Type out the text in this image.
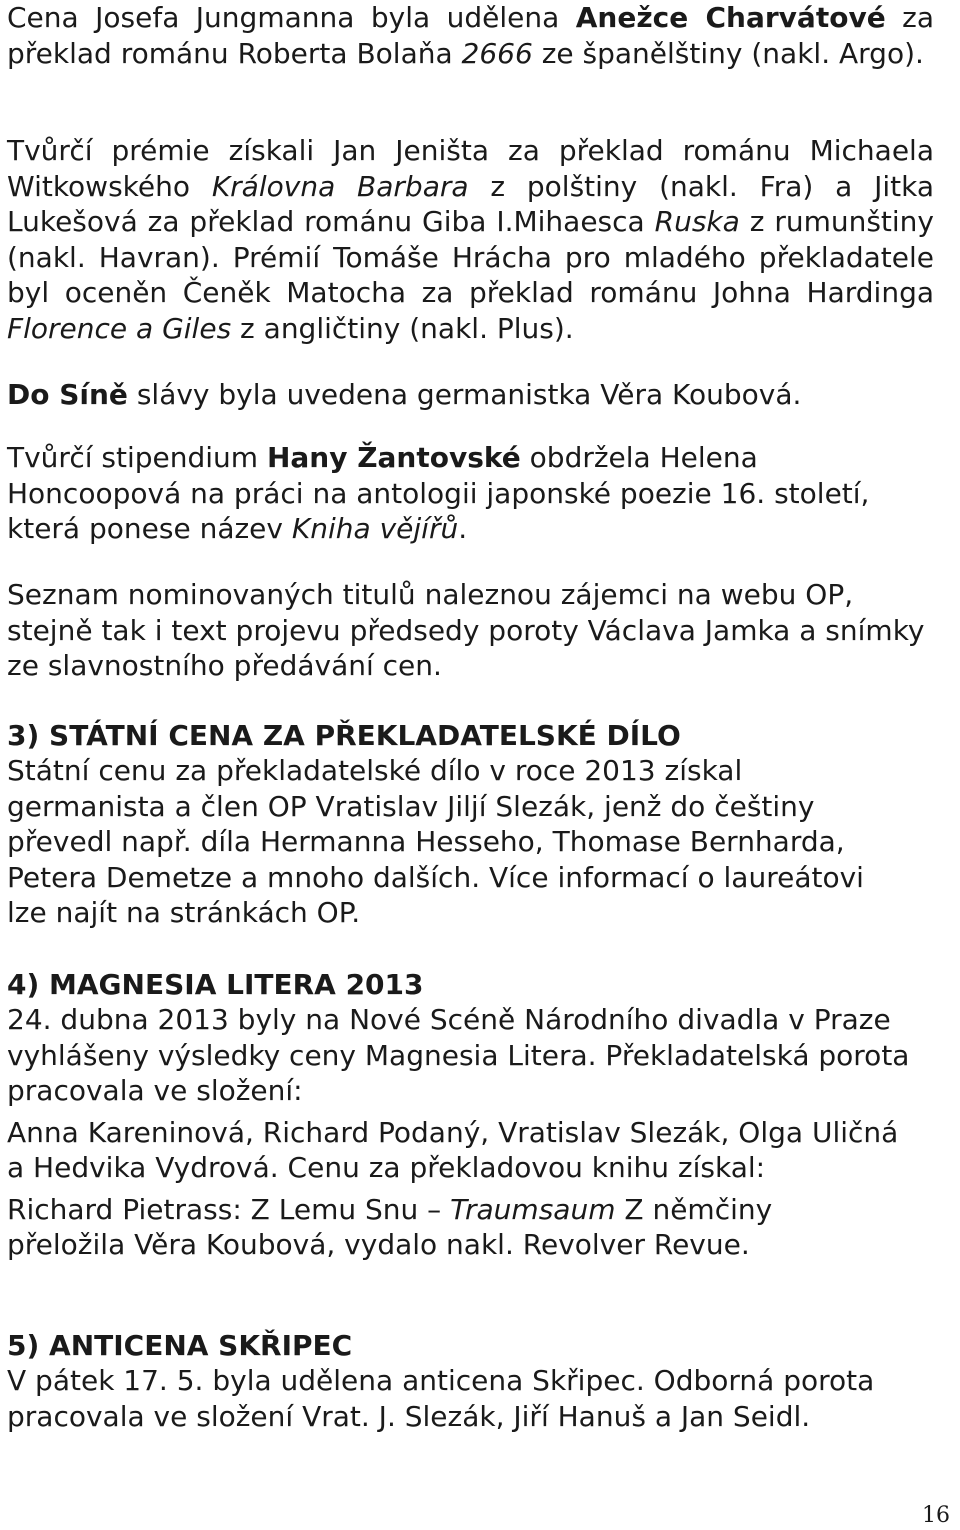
Cena Josefa Jungmanna byla udělena Anežce Charvátové za překlad románu Roberta Bolaňa 2666 ze španělštiny (nakl. Argo).

Tvůrčí prémie získali Jan Jeništa za překlad románu Michaela Witkowského Královna Barbara z polštiny (nakl. Fra) a Jitka Lukešová za překlad románu Giba I.Mihaesca Ruska z rumunštiny (nakl. Havran). Prémií Tomáše Hrácha pro mladého překladatele byl oceněn Čeněk Matocha za překlad románu Johna Hardinga Florence a Giles z angličtiny (nakl. Plus).

Do Síně slávy byla uvedena germanistka Věra Koubová.

Tvůrčí stipendium Hany Žantovské obdržela Helena Honcoopová na práci na antologii japonské poezie 16. století, která ponese název Kniha vějířů.

Seznam nominovaných titulů naleznou zájemci na webu OP, stejně tak i text projevu předsedy poroty Václava Jamka a snímky ze slavnostního předávání cen.

3) STÁTNÍ CENA ZA PŘEKLADATELSKÉ DÍLO
Státní cenu za překladatelské dílo v roce 2013 získal
germanista a člen OP Vratislav Jiljí Slezák, jenž do češtiny
převedl např. díla Hermanna Hesseho, Thomase Bernharda,
Petera Demetze a mnoho dalších. Více informací o laureátovi
lze najít na stránkách OP.
4) MAGNESIA LITERA 2013
24. dubna 2013 byly na Nové Scéně Národního divadla v Praze
vyhlášeny výsledky ceny Magnesia Litera. Překladatelská porota
pracovala ve složení:
Anna Kareninová, Richard Podaný, Vratislav Slezák, Olga Uličná
a Hedvika Vydrová. Cenu za překladovou knihu získal:
Richard Pietrass: Z Lemu Snu – Traumsaum Z němčiny
přeložila Věra Koubová, vydalo nakl. Revolver Revue.
5) ANTICENA SKŘIPEC
V pátek 17. 5. byla udělena anticena Skřipec. Odborná porota
pracovala ve složení Vrat. J. Slezák, Jiří Hanuš a Jan Seidl.
16
